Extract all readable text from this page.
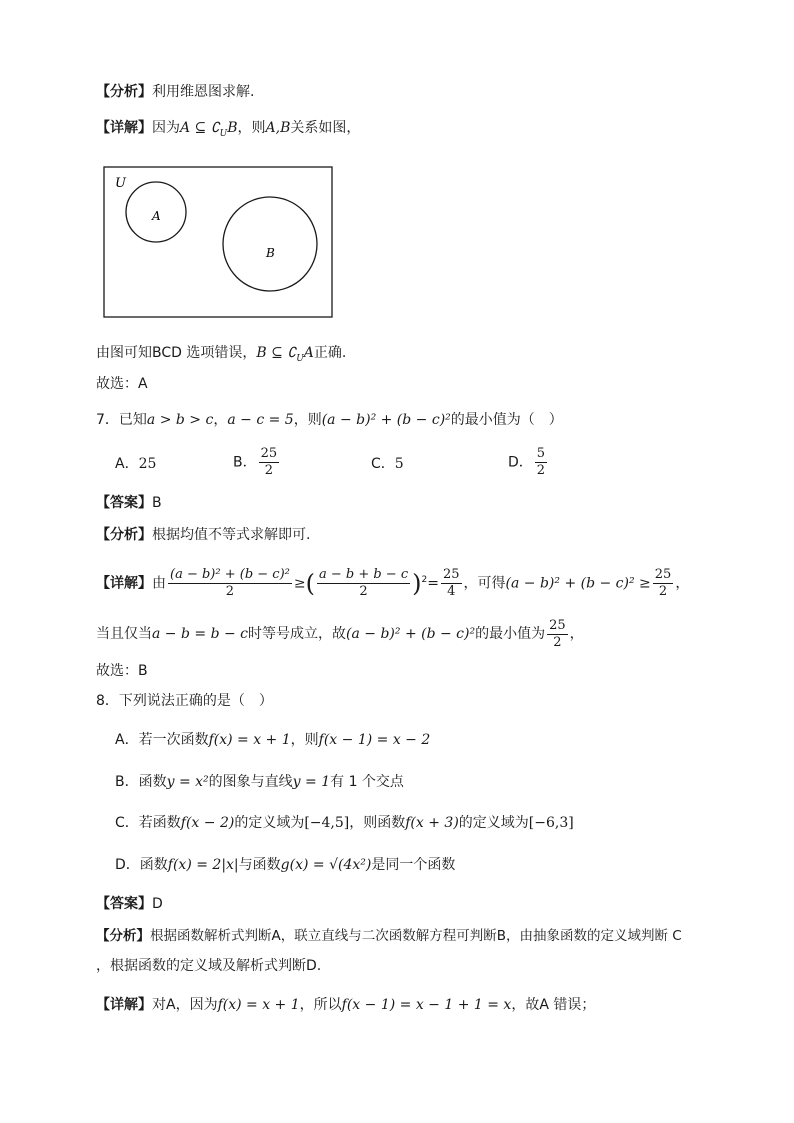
【分析】利用维恩图求解.
【详解】因为A ⊆ $∁_UB$，则A,B关系如图，
U
A
B
由图可知BCD 选项错误，B ⊆ $∁_UA$正确.
故选：A
7．已知a > b > c，a − c = 5，则(a − b)² + (b − c)²的最小值为（　）
A．25	B． $\frac{25}{2}$	C．5	D． $\frac{5}{2}$
【答案】B
【分析】根据均值不等式求解即可.
【详解】由 $\frac{\text{(a − b)² + (b − c)²}}{2}$ ≥( $\frac{a - b + b - c}{2} )^2= \frac{25}{4}$ ，可得$(a - b)^2 + (b - c)^2 \ge \frac{25}{2}$ ，
当且仅当a − b = b − c时等号成立，故(a − b)² + (b − c)²的最小值为 $\frac{25}{2}$ ，
故选：B
8．下列说法正确的是（　）
A．若一次函数f(x) = x + 1，则f(x − 1) = x − 2
B．函数y = x²的图象与直线y = 1有 1 个交点
C．若函数f(x − 2)的定义域为[−4,5]，则函数f(x + 3)的定义域为[−6,3]
D．函数f(x) = 2|x|与函数g(x) = √(4x²)是同一个函数
【答案】D
【分析】根据函数解析式判断A，联立直线与二次函数解方程可判断B，由抽象函数的定义域判断 C
，根据函数的定义域及解析式判断D.
【详解】对A，因为f(x) = x + 1，所以f(x − 1) = x − 1 + 1 = x，故A 错误；
